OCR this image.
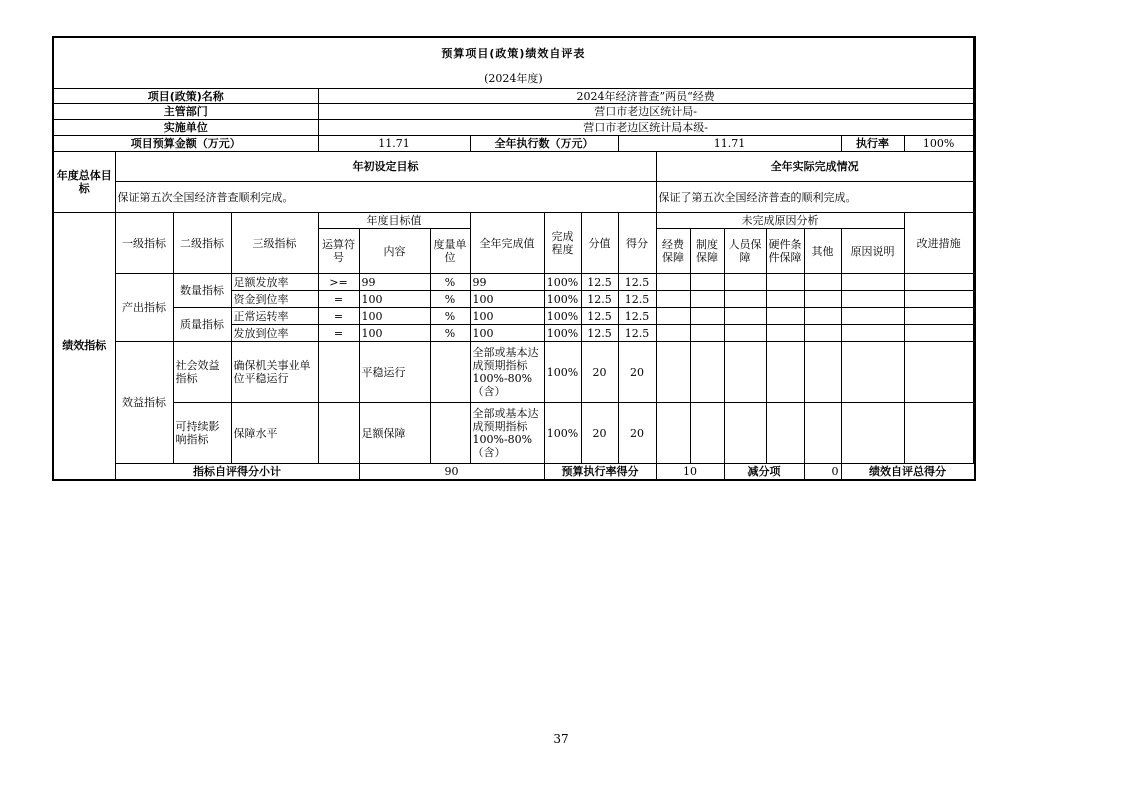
预算项目(政策)绩效自评表																		
(2024年度)																		
项目(政策)名称				2024年经济普查”两员“经费														
主管部门				营口市老边区统计局-														
实施单位				营口市老边区统计局本级-														
项目预算金额（万元）				11.71			全年执行数（万元）			11.71						执行率	100%	
年度总体目标	年初设定目标										全年实际完成情况							
	保证第五次全国经济普查顺利完成。										保证了第五次全国经济普查的顺利完成。							
绩效指标	一级指标	二级指标	三级指标	年度目标值			全年完成值	完成程度	分值	得分	未完成原因分析						改进措施	
				运算符号	内容	度量单位					经费保障	制度保障	人员保障	硬件条件保障	其他	原因说明		
	产出指标	数量指标	足额发放率	>=	99	%	99	100%	12.5	12.5								
			资金到位率	=	100	%	100	100%	12.5	12.5								
		质量指标	正常运转率	=	100	%	100	100%	12.5	12.5								
			发放到位率	=	100	%	100	100%	12.5	12.5								
	效益指标	社会效益指标	确保机关事业单位平稳运行		平稳运行		全部或基本达成预期指标100%-80%（含）	100%	20	20								
		可持续影响指标	保障水平		足额保障		全部或基本达成预期指标100%-80%（含）	100%	20	20								
	指标自评得分小计				90			预算执行率得分			10		减分项		0	绩效自评总得分	
37
